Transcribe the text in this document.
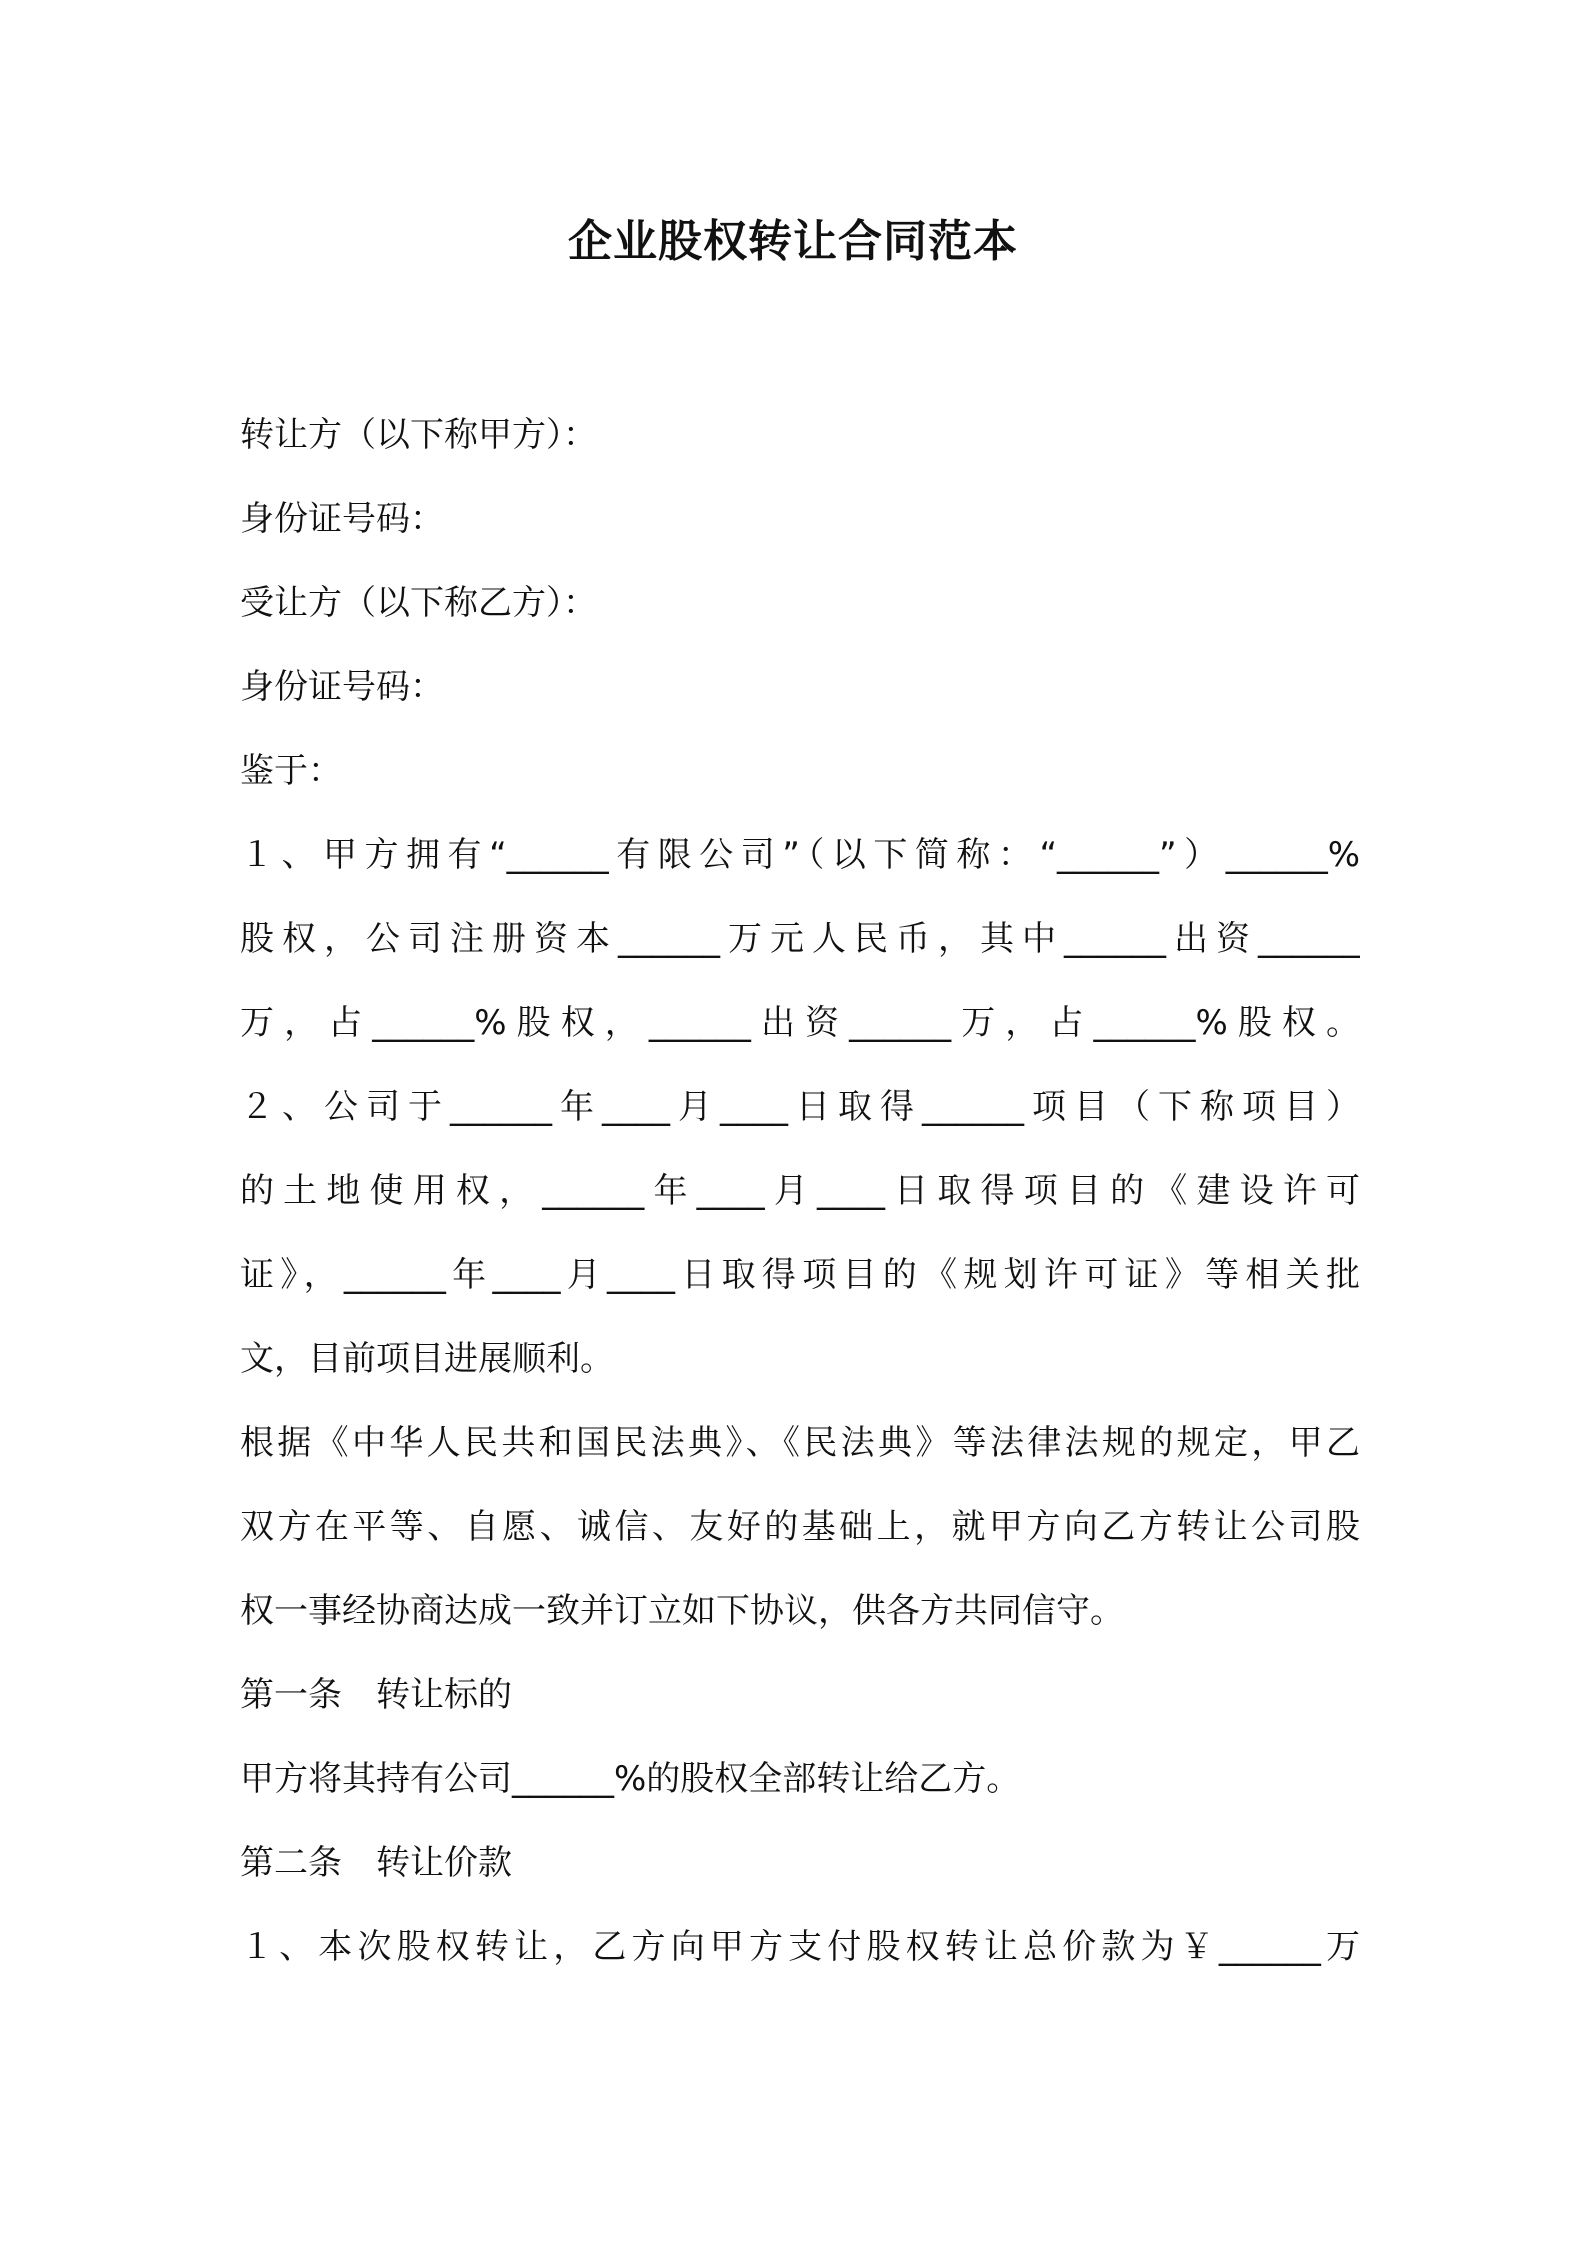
企业股权转让合同范本
转让方（以下称甲方）：
身份证号码：
受让方（以下称乙方）：
身份证号码：
鉴于：
１、甲方拥有“______有限公司”（以下简称：“______”）______%
股权，公司注册资本______万元人民币，其中______出资______
万，占______%股权，______出资______万，占______%股权。
２、公司于______年____月____日取得______项目（下称项目）
的土地使用权，______年____月____日取得项目的《建设许可
证》，______年____月____日取得项目的《规划许可证》等相关批
文，目前项目进展顺利。
根据《中华人民共和国民法典》、《民法典》等法律法规的规定，甲乙
双方在平等、自愿、诚信、友好的基础上，就甲方向乙方转让公司股
权一事经协商达成一致并订立如下协议，供各方共同信守。
第一条　转让标的
甲方将其持有公司______%的股权全部转让给乙方。
第二条　转让价款
１、本次股权转让，乙方向甲方支付股权转让总价款为￥______万
